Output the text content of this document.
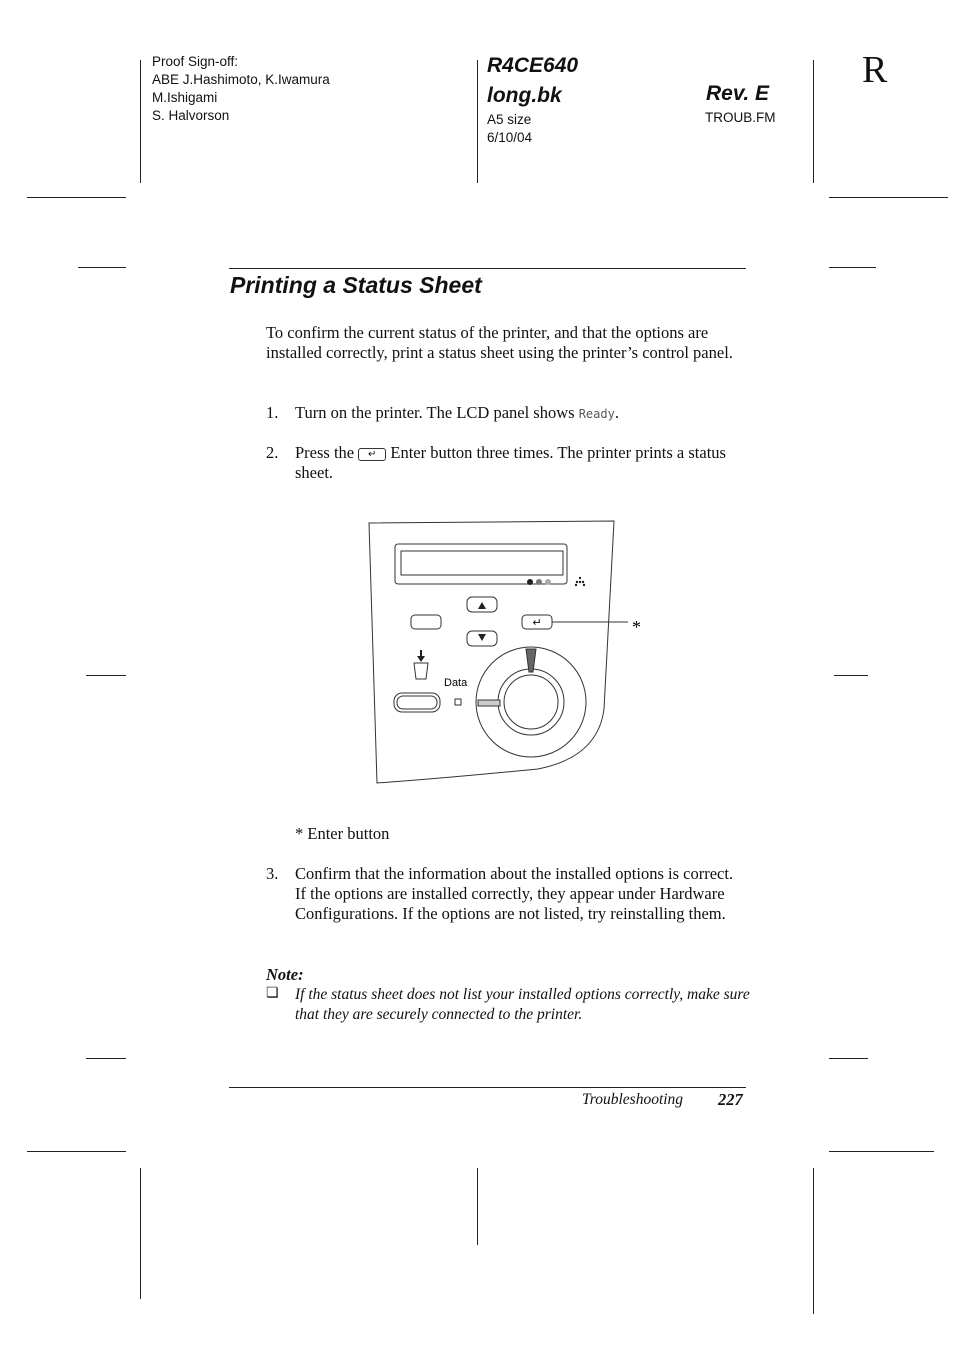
Proof Sign-off:
ABE J.Hashimoto, K.Iwamura
M.Ishigami
S. Halvorson
R4CE640
long.bk
A5 size
6/10/04
Rev. E
TROUB.FM
R
Printing a Status Sheet
To confirm the current status of the printer, and that the options are installed correctly, print a status sheet using the printer’s control panel.
1. Turn on the printer. The LCD panel shows Ready.
2. Press the ↵ Enter button three times. The printer prints a status sheet.
↵	*
Data
* Enter button
3. Confirm that the information about the installed options is correct. If the options are installed correctly, they appear under Hardware Configurations. If the options are not listed, try reinstalling them.
Note:
❏ If the status sheet does not list your installed options correctly, make sure that they are securely connected to the printer.
Troubleshooting 227
